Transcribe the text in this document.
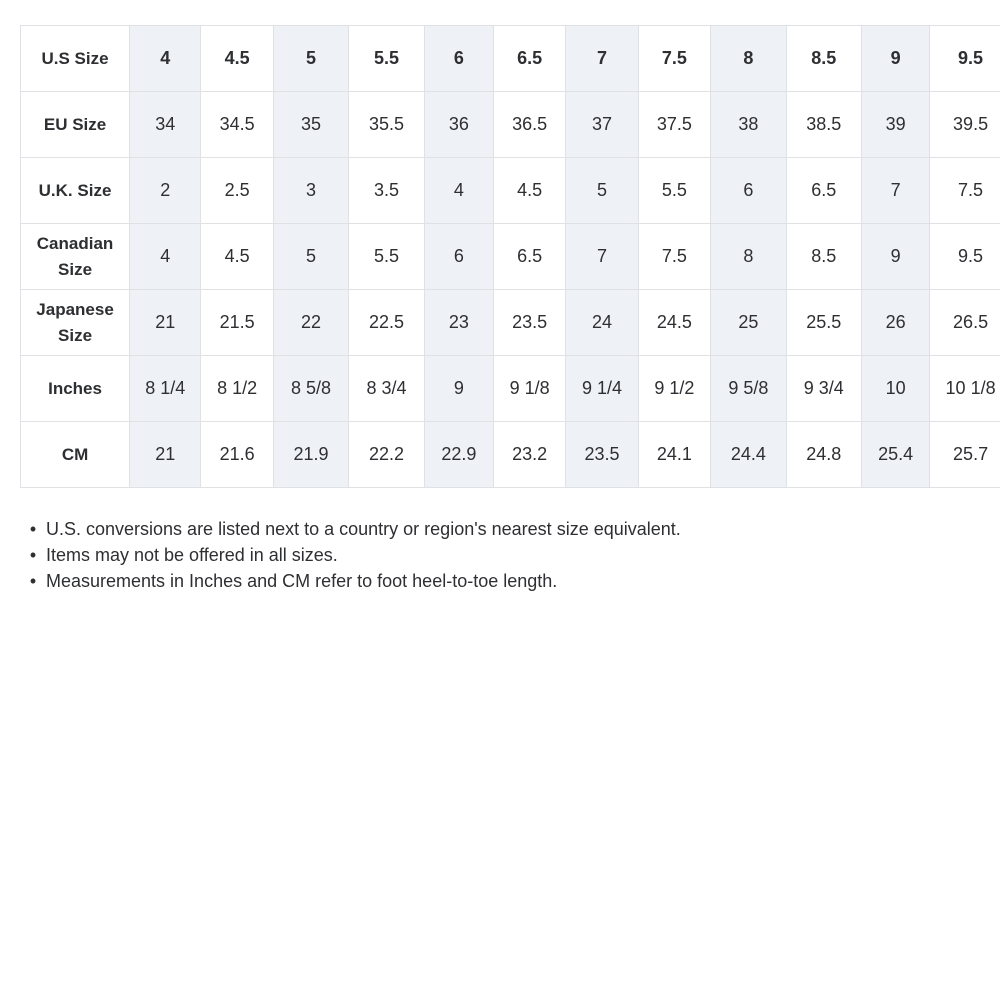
U.S Size	4	4.5	5	5.5	6	6.5	7	7.5	8	8.5	9	9.5	
EU Size	34	34.5	35	35.5	36	36.5	37	37.5	38	38.5	39	39.5	
U.K. Size	2	2.5	3	3.5	4	4.5	5	5.5	6	6.5	7	7.5	
Canadian
Size	4	4.5	5	5.5	6	6.5	7	7.5	8	8.5	9	9.5	
Japanese
Size	21	21.5	22	22.5	23	23.5	24	24.5	25	25.5	26	26.5	
Inches	8 1/4	8 1/2	8 5/8	8 3/4	9	9 1/8	9 1/4	9 1/2	9 5/8	9 3/4	10	10 1/8	
CM	21	21.6	21.9	22.2	22.9	23.2	23.5	24.1	24.4	24.8	25.4	25.7	
• U.S. conversions are listed next to a country or region's nearest size equivalent.
• Items may not be offered in all sizes.
• Measurements in Inches and CM refer to foot heel-to-toe length.
